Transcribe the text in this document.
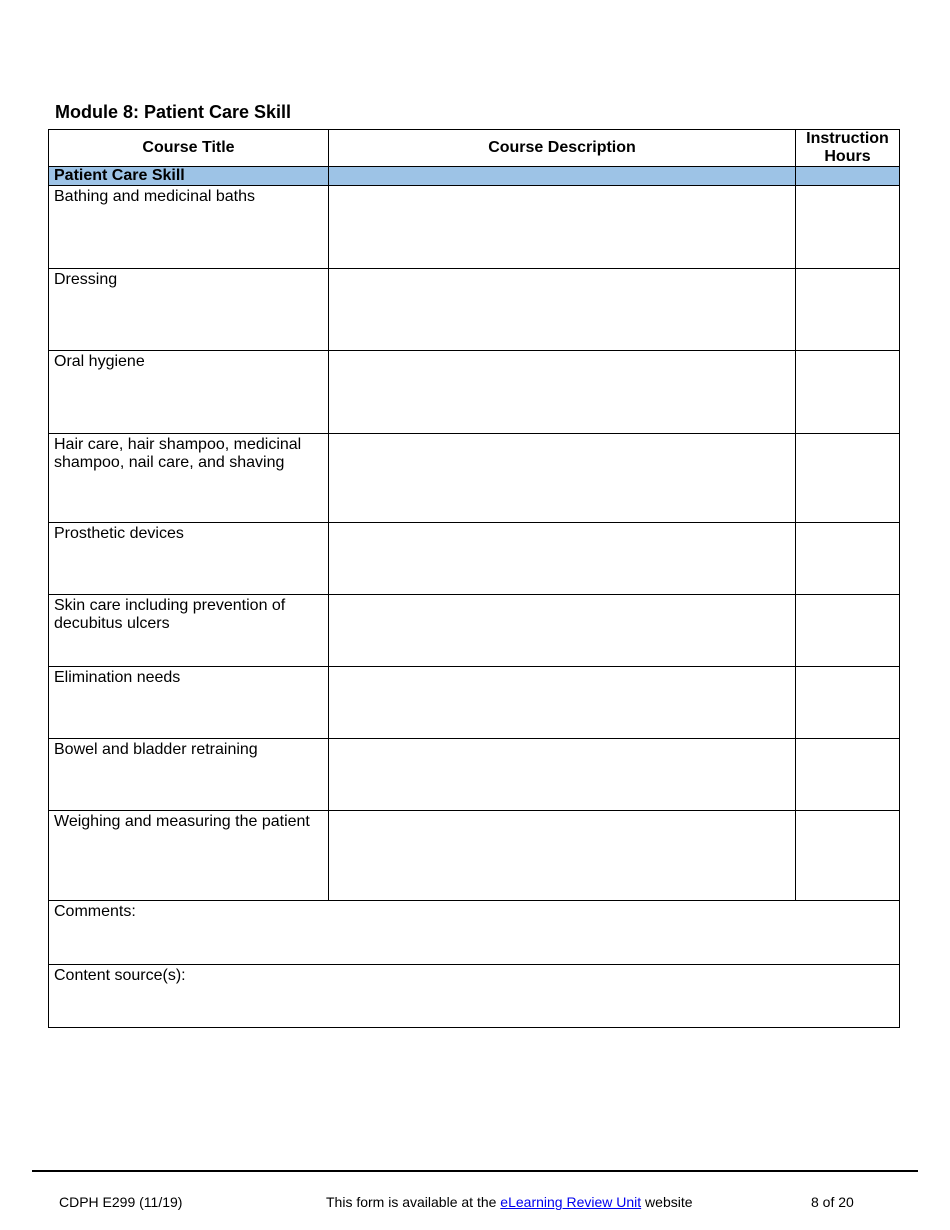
Module 8: Patient Care Skill
Course Title	Course Description	Instruction Hours

Patient Care Skill		

Bathing and medicinal baths		

Dressing		

Oral hygiene		

Hair care, hair shampoo, medicinal shampoo, nail care, and shaving		

Prosthetic devices		

Skin care including prevention of decubitus ulcers		

Elimination needs		

Bowel and bladder retraining		

Weighing and measuring the patient		

Comments:		

Content source(s):		
CDPH E299 (11/19)	This form is available at the eLearning Review Unit website	8 of 20
